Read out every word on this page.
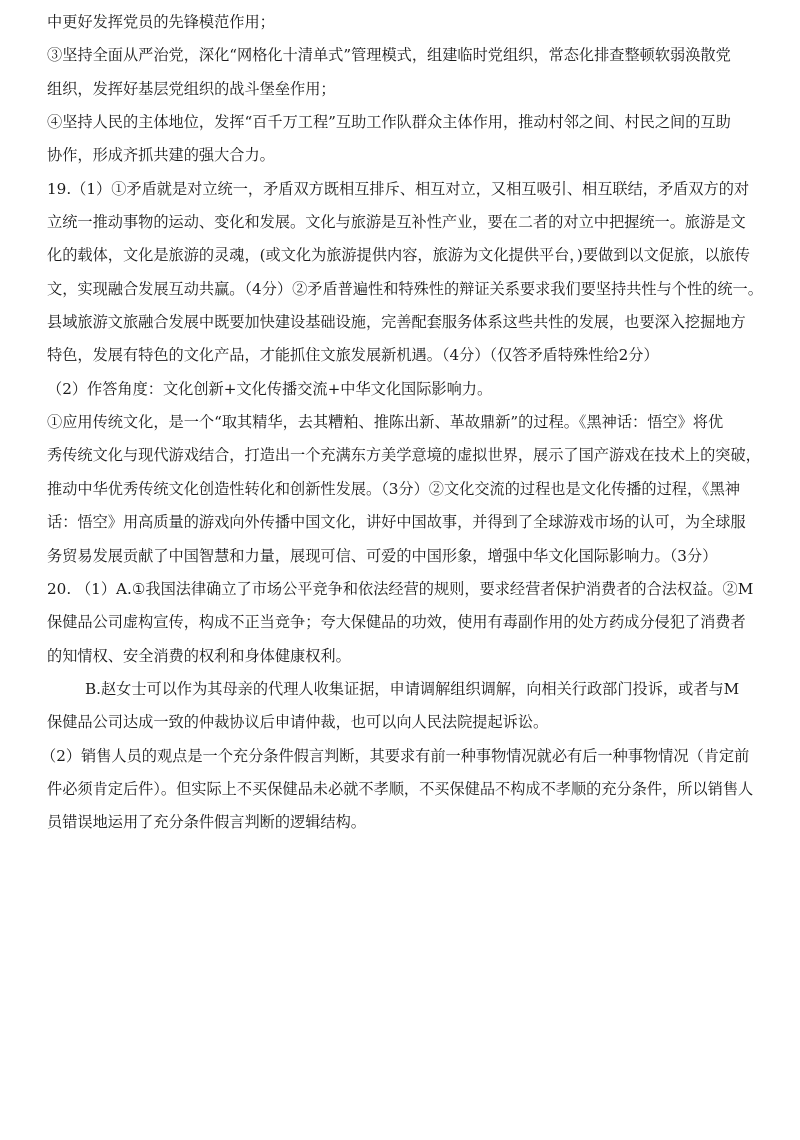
中更好发挥党员的先锋模范作用；
③坚持全面从严治党，深化“网格化十清单式”管理模式，组建临时党组织，常态化排查整顿软弱涣散党
组织，发挥好基层党组织的战斗堡垒作用；
④坚持人民的主体地位，发挥“百千万工程”互助工作队群众主体作用，推动村邻之间、村民之间的互助
协作，形成齐抓共建的强大合力。
19.（1）①矛盾就是对立统一，矛盾双方既相互排斥、相互对立，又相互吸引、相互联结，矛盾双方的对
立统一推动事物的运动、变化和发展。文化与旅游是互补性产业，要在二者的对立中把握统一。旅游是文
化的载体，文化是旅游的灵魂，(或文化为旅游提供内容，旅游为文化提供平台，)要做到以文促旅，以旅传
文，实现融合发展互动共赢。（4分）②矛盾普遍性和特殊性的辩证关系要求我们要坚持共性与个性的统一。
县域旅游文旅融合发展中既要加快建设基础设施，完善配套服务体系这些共性的发展，也要深入挖掘地方
特色，发展有特色的文化产品，才能抓住文旅发展新机遇。（4分）（仅答矛盾特殊性给2分）
（2）作答角度：文化创新+文化传播交流+中华文化国际影响力。
①应用传统文化，是一个“取其精华，去其糟粕、推陈出新、革故鼎新”的过程。《黑神话：悟空》将优
秀传统文化与现代游戏结合，打造出一个充满东方美学意境的虚拟世界，展示了国产游戏在技术上的突破，
推动中华优秀传统文化创造性转化和创新性发展。（3分）②文化交流的过程也是文化传播的过程，《黑神
话：悟空》用高质量的游戏向外传播中国文化，讲好中国故事，并得到了全球游戏市场的认可，为全球服
务贸易发展贡献了中国智慧和力量，展现可信、可爱的中国形象，增强中华文化国际影响力。（3分）
20. （1）A.①我国法律确立了市场公平竞争和依法经营的规则，要求经营者保护消费者的合法权益。②M
保健品公司虚构宣传，构成不正当竞争；夸大保健品的功效，使用有毒副作用的处方药成分侵犯了消费者
的知情权、安全消费的权利和身体健康权利。
B.赵女士可以作为其母亲的代理人收集证据，申请调解组织调解，向相关行政部门投诉，或者与M
保健品公司达成一致的仲裁协议后申请仲裁，也可以向人民法院提起诉讼。
（2）销售人员的观点是一个充分条件假言判断，其要求有前一种事物情况就必有后一种事物情况（肯定前
件必须肯定后件）。但实际上不买保健品未必就不孝顺，不买保健品不构成不孝顺的充分条件，所以销售人
员错误地运用了充分条件假言判断的逻辑结构。
